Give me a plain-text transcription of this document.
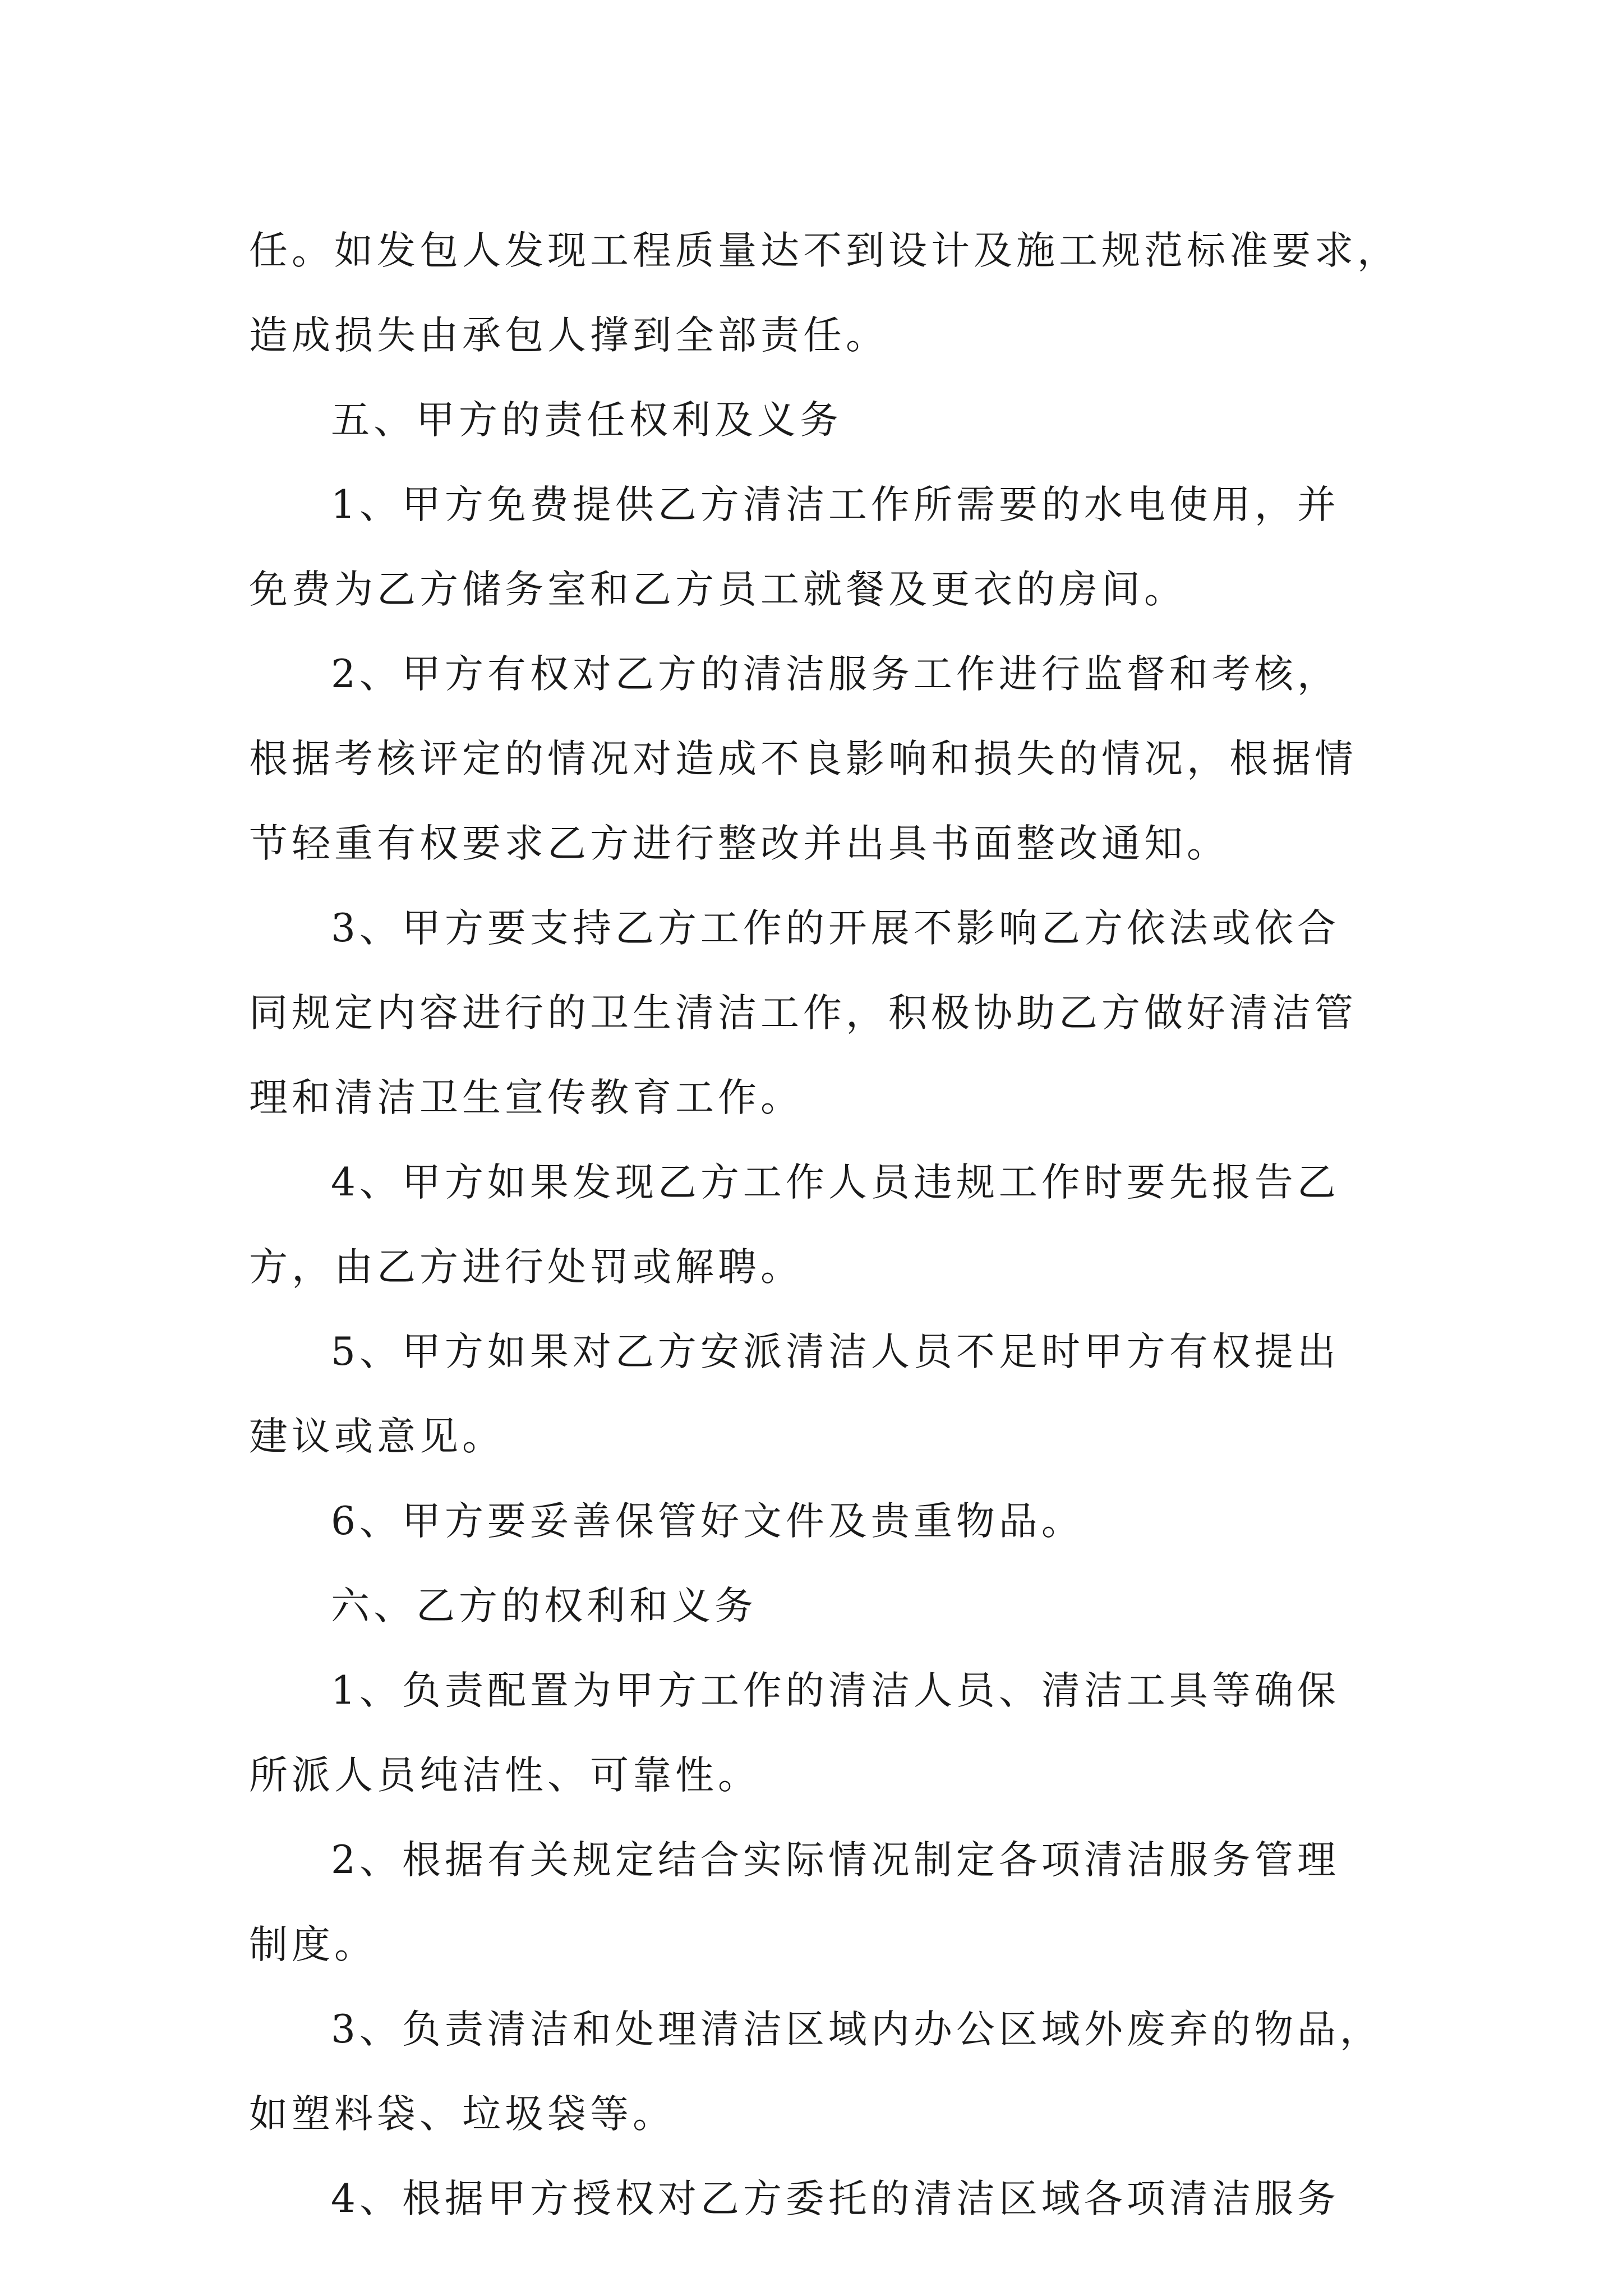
任。如发包人发现工程质量达不到设计及施工规范标准要求，

造成损失由承包人撑到全部责任。

五、甲方的责任权利及义务

1、甲方免费提供乙方清洁工作所需要的水电使用，并

免费为乙方储务室和乙方员工就餐及更衣的房间。

2、甲方有权对乙方的清洁服务工作进行监督和考核，

根据考核评定的情况对造成不良影响和损失的情况，根据情

节轻重有权要求乙方进行整改并出具书面整改通知。

3、甲方要支持乙方工作的开展不影响乙方依法或依合

同规定内容进行的卫生清洁工作，积极协助乙方做好清洁管

理和清洁卫生宣传教育工作。

4、甲方如果发现乙方工作人员违规工作时要先报告乙

方，由乙方进行处罚或解聘。

5、甲方如果对乙方安派清洁人员不足时甲方有权提出

建议或意见。

6、甲方要妥善保管好文件及贵重物品。

六、乙方的权利和义务

1、负责配置为甲方工作的清洁人员、清洁工具等确保

所派人员纯洁性、可靠性。

2、根据有关规定结合实际情况制定各项清洁服务管理

制度。

3、负责清洁和处理清洁区域内办公区域外废弃的物品，

如塑料袋、垃圾袋等。

4、根据甲方授权对乙方委托的清洁区域各项清洁服务
